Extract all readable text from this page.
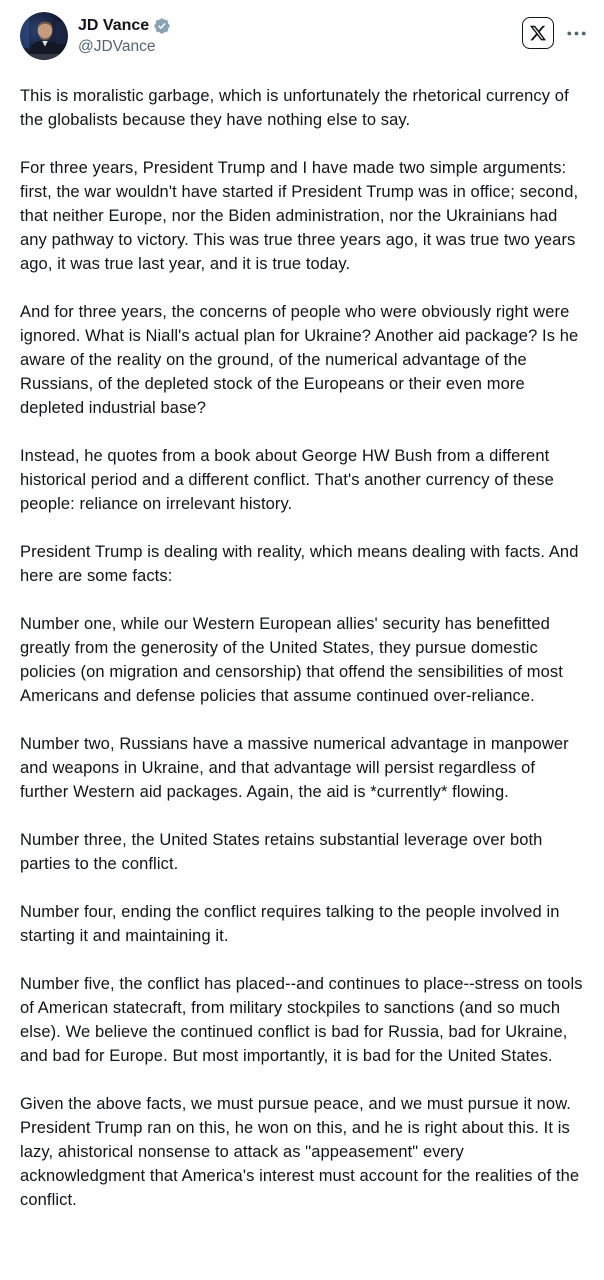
JD Vance
@JDVance

This is moralistic garbage, which is unfortunately the rhetorical currency of the globalists because they have nothing else to say.

For three years, President Trump and I have made two simple arguments: first, the war wouldn't have started if President Trump was in office; second, that neither Europe, nor the Biden administration, nor the Ukrainians had any pathway to victory. This was true three years ago, it was true two years ago, it was true last year, and it is true today.

And for three years, the concerns of people who were obviously right were ignored. What is Niall's actual plan for Ukraine? Another aid package? Is he aware of the reality on the ground, of the numerical advantage of the Russians, of the depleted stock of the Europeans or their even more depleted industrial base?

Instead, he quotes from a book about George HW Bush from a different historical period and a different conflict. That's another currency of these people: reliance on irrelevant history.

President Trump is dealing with reality, which means dealing with facts. And here are some facts:

Number one, while our Western European allies' security has benefitted greatly from the generosity of the United States, they pursue domestic policies (on migration and censorship) that offend the sensibilities of most Americans and defense policies that assume continued over-reliance.

Number two, Russians have a massive numerical advantage in manpower and weapons in Ukraine, and that advantage will persist regardless of further Western aid packages. Again, the aid is *currently* flowing.

Number three, the United States retains substantial leverage over both parties to the conflict.

Number four, ending the conflict requires talking to the people involved in starting it and maintaining it.

Number five, the conflict has placed--and continues to place--stress on tools of American statecraft, from military stockpiles to sanctions (and so much else). We believe the continued conflict is bad for Russia, bad for Ukraine, and bad for Europe. But most importantly, it is bad for the United States.

Given the above facts, we must pursue peace, and we must pursue it now. President Trump ran on this, he won on this, and he is right about this. It is lazy, ahistorical nonsense to attack as "appeasement" every acknowledgment that America's interest must account for the realities of the conflict.
